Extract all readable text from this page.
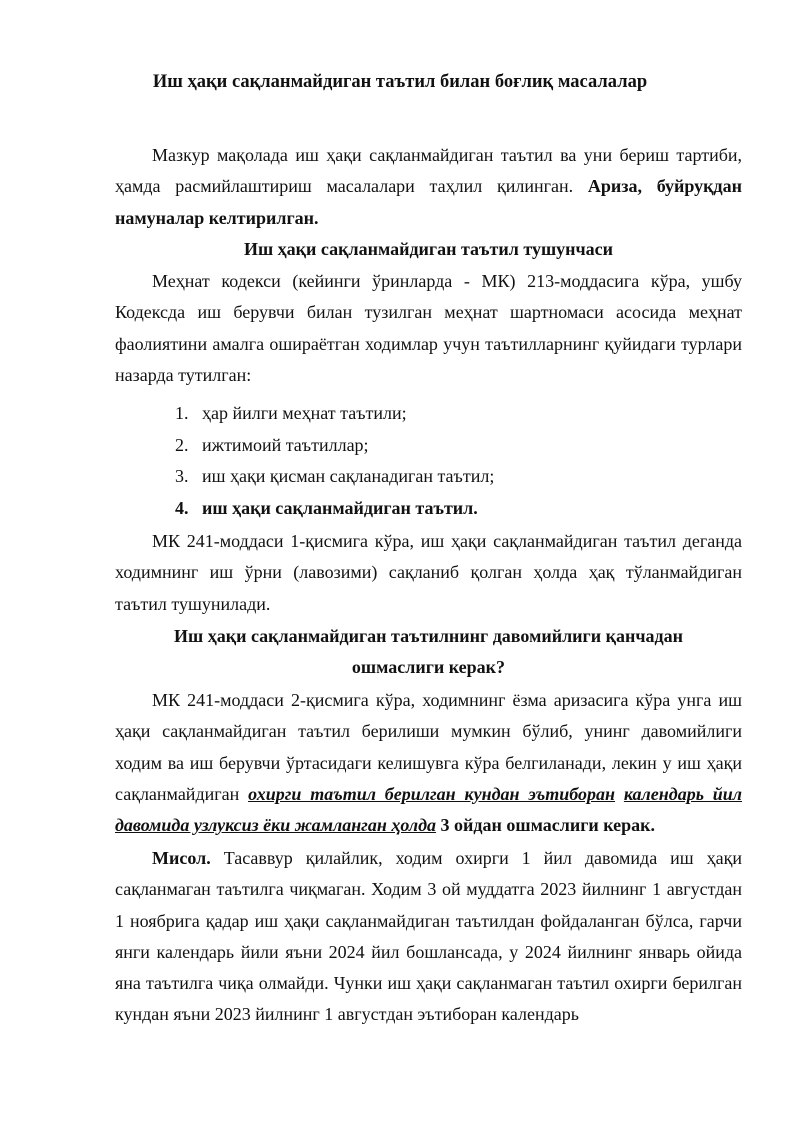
Иш ҳақи сақланмайдиган таътил билан боғлиқ масалалар

Мазкур мақолада иш ҳақи сақланмайдиган таътил ва уни бериш тартиби, ҳамда расмийлаштириш масалалари таҳлил қилинган. Ариза, буйруқдан намуналар келтирилган.

Иш ҳақи сақланмайдиган таътил тушунчаси

Меҳнат кодекси (кейинги ўринларда - МК) 213-моддасига кўра, ушбу Кодексда иш берувчи билан тузилган меҳнат шартномаси асосида меҳнат фаолиятини амалга ошираётган ходимлар учун таътилларнинг қуйидаги турлари назарда тутилган:

1. ҳар йилги меҳнат таътили;
2. ижтимоий таътиллар;
3. иш ҳақи қисман сақланадиган таътил;
4. иш ҳақи сақланмайдиган таътил.

МК 241-моддаси 1-қисмига кўра, иш ҳақи сақланмайдиган таътил деганда ходимнинг иш ўрни (лавозими) сақланиб қолган ҳолда ҳақ тўланмайдиган таътил тушунилади.

Иш ҳақи сақланмайдиган таътилнинг давомийлиги қанчадан
ошмаслиги керак?

МК 241-моддаси 2-қисмига кўра, ходимнинг ёзма аризасига кўра унга иш ҳақи сақланмайдиган таътил берилиши мумкин бўлиб, унинг давомийлиги ходим ва иш берувчи ўртасидаги келишувга кўра белгиланади, лекин у иш ҳақи сақланмайдиган охирги таътил берилган кундан эътиборан календарь йил давомида узлуксиз ёки жамланган ҳолда 3 ойдан ошмаслиги керак.

Мисол. Тасаввур қилайлик, ходим охирги 1 йил давомида иш ҳақи сақланмаган таътилга чиқмаган. Ходим 3 ой муддатга 2023 йилнинг 1 августдан 1 ноябрига қадар иш ҳақи сақланмайдиган таътилдан фойдаланган бўлса, гарчи янги календарь йили яъни 2024 йил бошлансада, у 2024 йилнинг январь ойида яна таътилга чиқа олмайди. Чунки иш ҳақи сақланмаган таътил охирги берилган кундан яъни 2023 йилнинг 1 августдан эътиборан календарь
